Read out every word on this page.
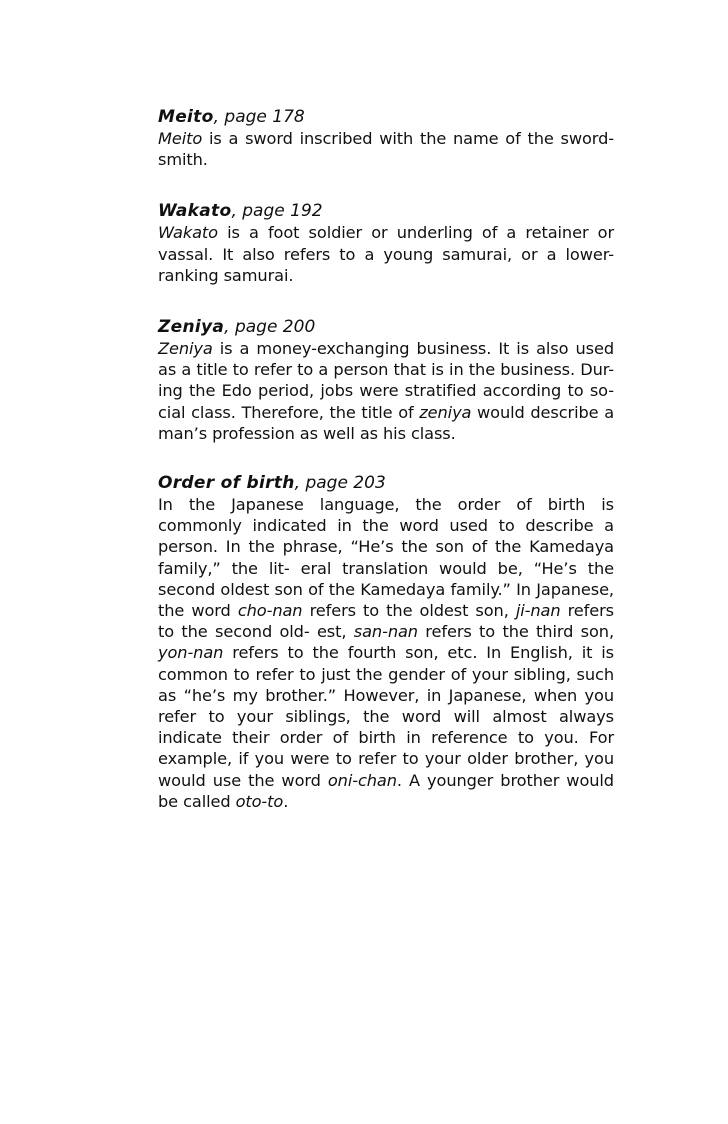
Meito, page 178

Meito is a sword inscribed with the name of the sword- smith.

Wakato, page 192

Wakato is a foot soldier or underling of a retainer or vassal. It also refers to a young samurai, or a lower- ranking samurai.

Zeniya, page 200

Zeniya is a money-exchanging business. It is also used as a title to refer to a person that is in the business. Dur- ing the Edo period, jobs were stratified according to so- cial class. Therefore, the title of zeniya would describe a man’s profession as well as his class.

Order of birth, page 203

In the Japanese language, the order of birth is commonly indicated in the word used to describe a person. In the phrase, “He’s the son of the Kamedaya family,” the lit- eral translation would be, “He’s the second oldest son of the Kamedaya family.” In Japanese, the word cho-nan refers to the oldest son, ji-nan refers to the second old- est, san-nan refers to the third son, yon-nan refers to the fourth son, etc. In English, it is common to refer to just the gender of your sibling, such as “he’s my brother.” However, in Japanese, when you refer to your siblings, the word will almost always indicate their order of birth in reference to you. For example, if you were to refer to your older brother, you would use the word oni-chan. A younger brother would be called oto-to.
